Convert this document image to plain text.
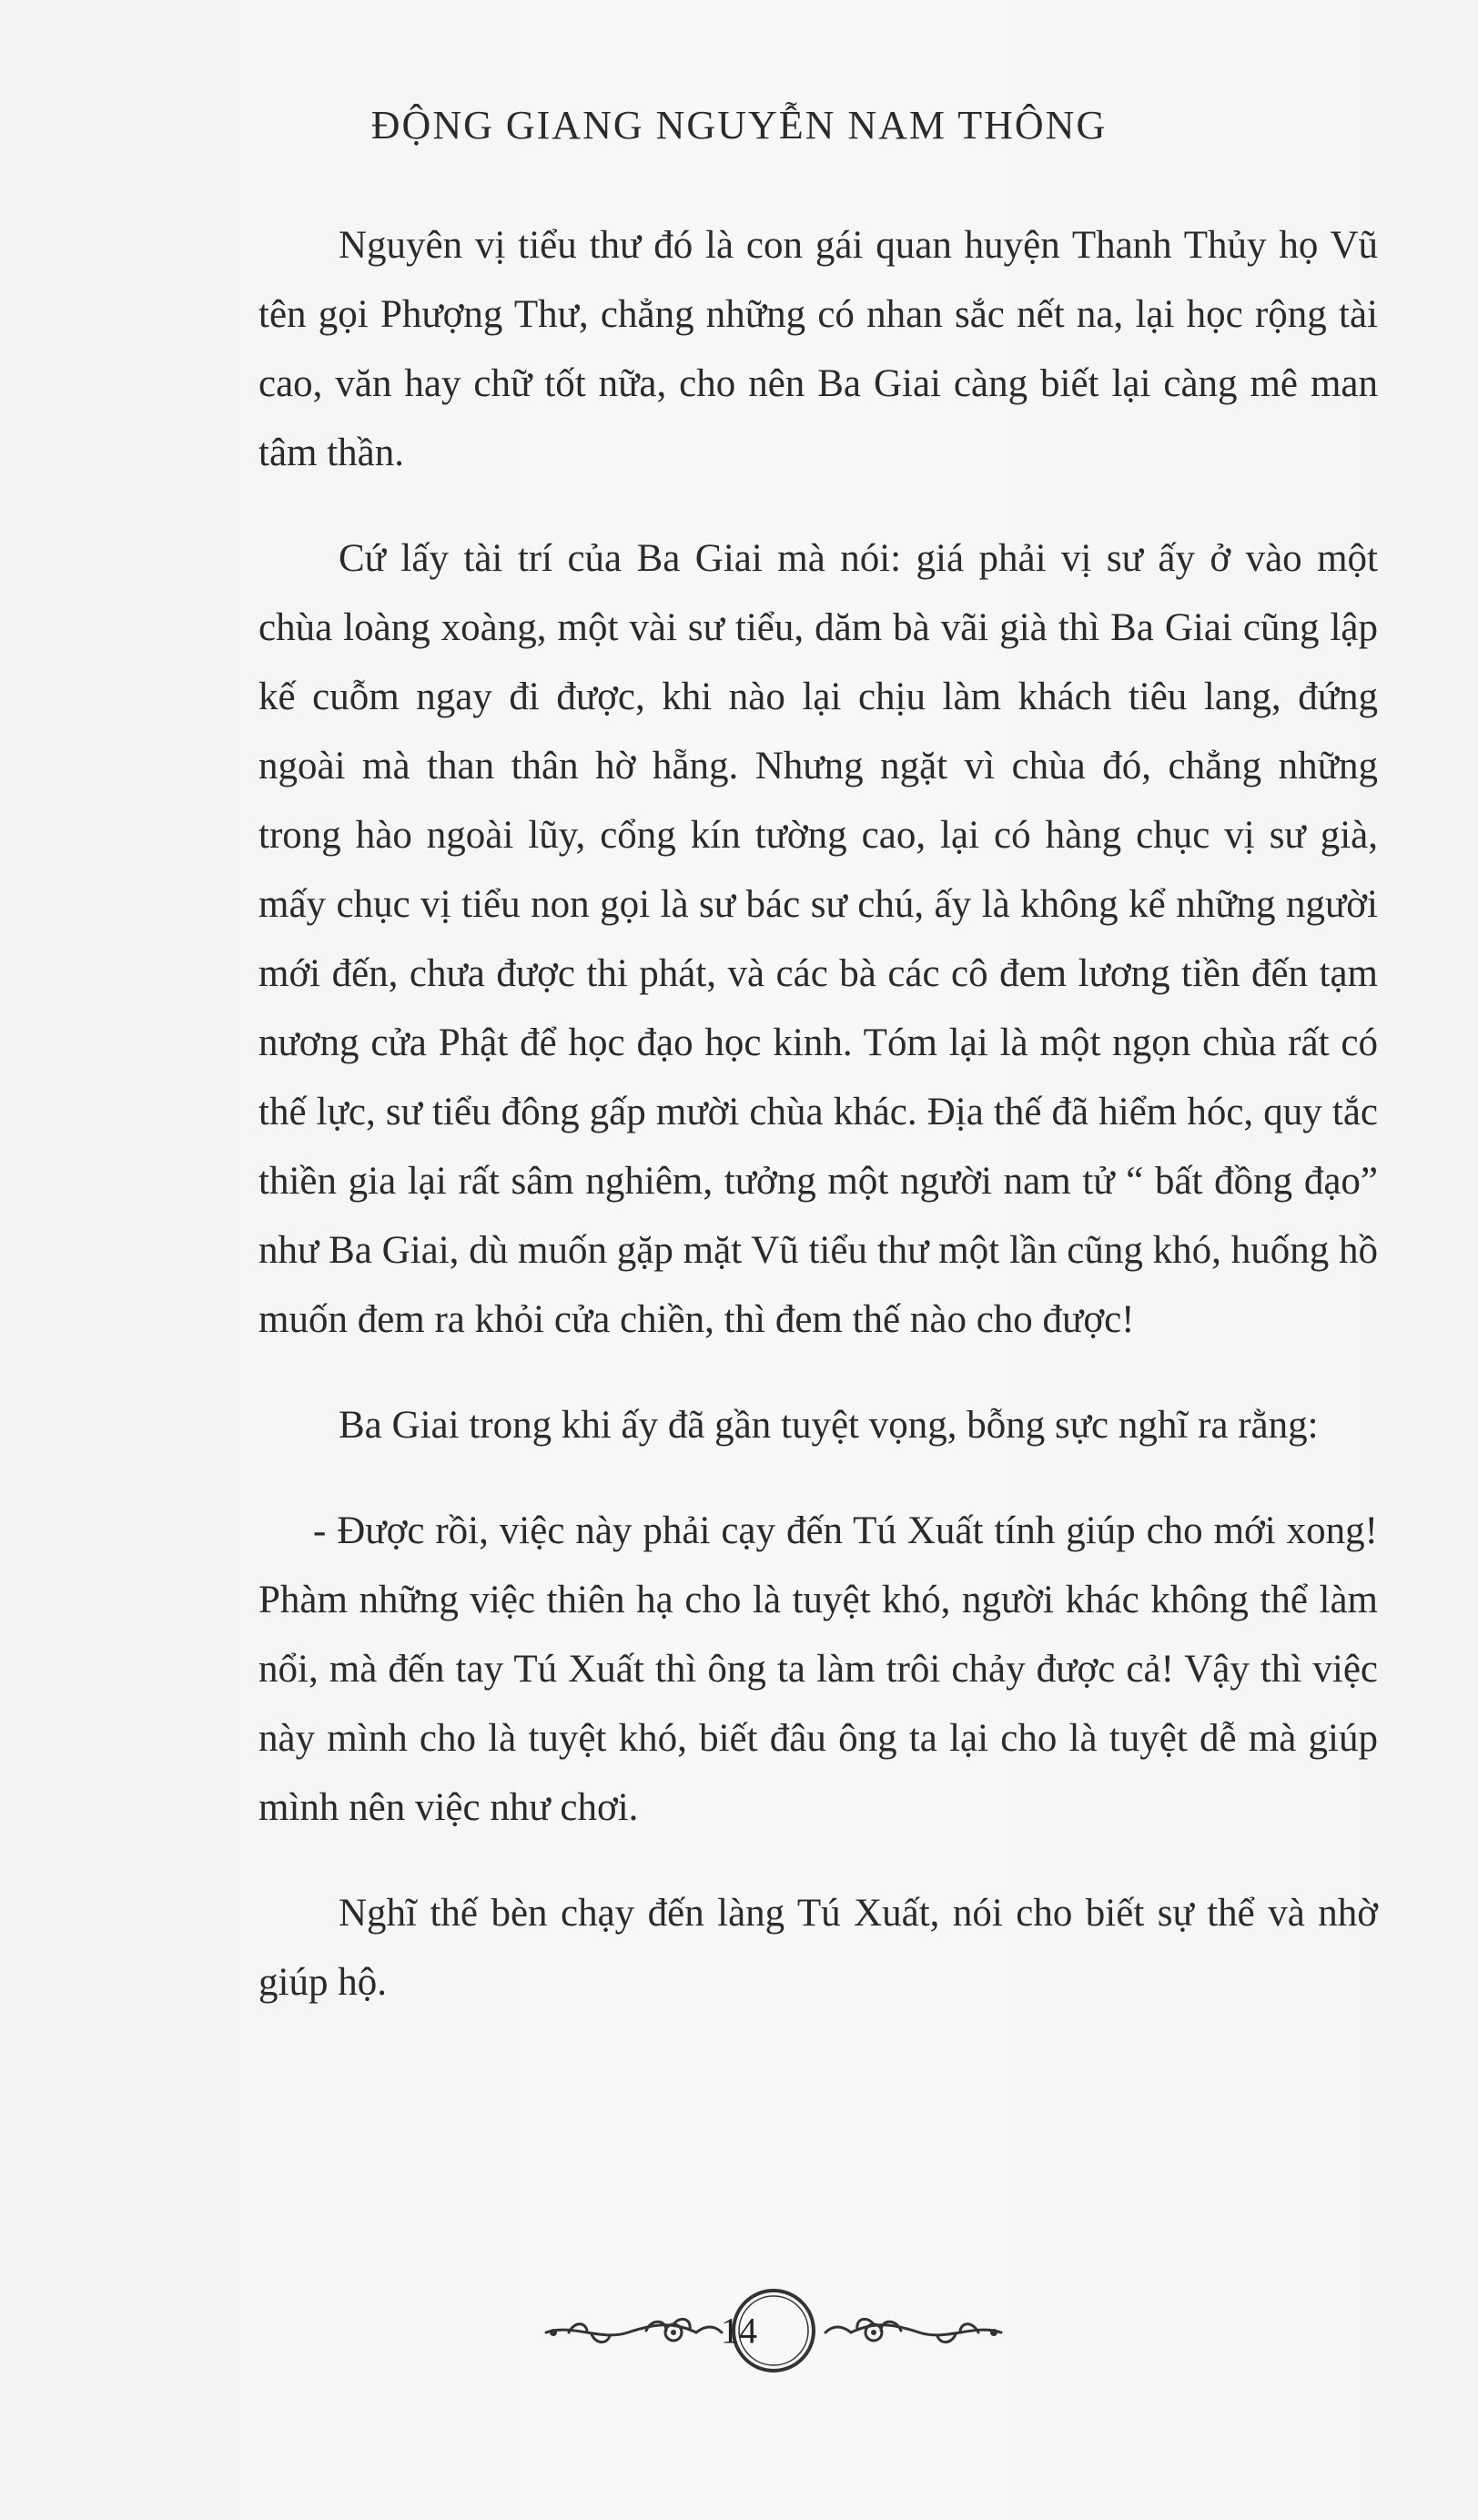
ĐỘNG GIANG NGUYỄN NAM THÔNG

Nguyên vị tiểu thư đó là con gái quan huyện Thanh Thủy họ Vũ tên gọi Phượng Thư, chẳng những có nhan sắc nết na, lại học rộng tài cao, văn hay chữ tốt nữa, cho nên Ba Giai càng biết lại càng mê man tâm thần.

Cứ lấy tài trí của Ba Giai mà nói: giá phải vị sư ấy ở vào một chùa loàng xoàng, một vài sư tiểu, dăm bà vãi già thì Ba Giai cũng lập kế cuỗm ngay đi được, khi nào lại chịu làm khách tiêu lang, đứng ngoài mà than thân hờ hẵng. Nhưng ngặt vì chùa đó, chẳng những trong hào ngoài lũy, cổng kín tường cao, lại có hàng chục vị sư già, mấy chục vị tiểu non gọi là sư bác sư chú, ấy là không kể những người mới đến, chưa được thi phát, và các bà các cô đem lương tiền đến tạm nương cửa Phật để học đạo học kinh. Tóm lại là một ngọn chùa rất có thế lực, sư tiểu đông gấp mười chùa khác. Địa thế đã hiểm hóc, quy tắc thiền gia lại rất sâm nghiêm, tưởng một người nam tử “ bất đồng đạo” như Ba Giai, dù muốn gặp mặt Vũ tiểu thư một lần cũng khó, huống hồ muốn đem ra khỏi cửa chiền, thì đem thế nào cho được!

Ba Giai trong khi ấy đã gần tuyệt vọng, bỗng sực nghĩ ra rằng:

- Được rồi, việc này phải cạy đến Tú Xuất tính giúp cho mới xong! Phàm những việc thiên hạ cho là tuyệt khó, người khác không thể làm nổi, mà đến tay Tú Xuất thì ông ta làm trôi chảy được cả! Vậy thì việc này mình cho là tuyệt khó, biết đâu ông ta lại cho là tuyệt dễ mà giúp mình nên việc như chơi.

Nghĩ thế bèn chạy đến làng Tú Xuất, nói cho biết sự thể và nhờ giúp hộ.

14
